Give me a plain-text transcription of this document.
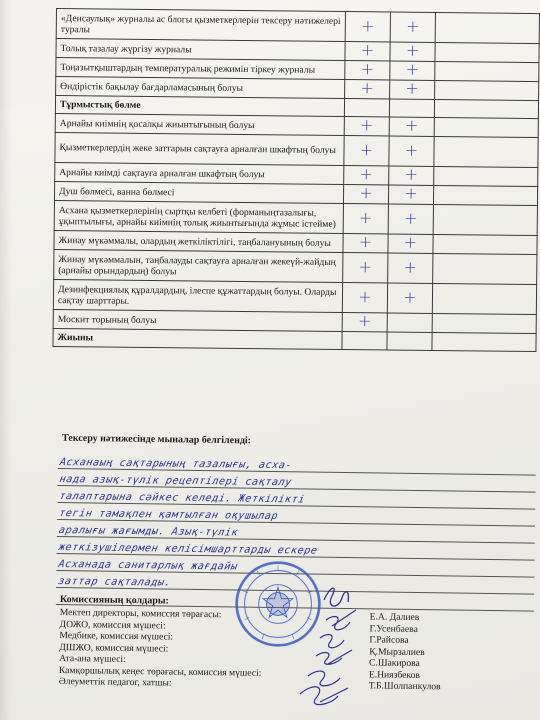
«Денсаулық» журналы ас блогы қызметкерлерін тексеру нәтижелері туралы	+	+	
Толық тазалау жүргізу журналы	+	+	
Тоңазытқыштардың температуралық режимін тіркеу журналы	+	+	
Өндірістік бақылау бағдарламасының болуы	+	+	
Тұрмыстық бөлме			
Арнайы киімнің қосалқы жиынтығының болуы	+	+	
Қызметкерлердің жеке заттарын сақтауға арналған шкафтың болуы	+	+	
Арнайы киімді сақтауға арналған шкафтың болуы	+	+	
Душ бөлмесі, ванна бөлмесі	+	+	
Асхана қызметкерлерінің сыртқы келбеті (форманыңтазалығы, ұқыптылығы, арнайы киімнің толық жиынтығында жұмыс істейме)	+	+	
Жинау мүкәммалы, олардың жеткіліктілігі, таңбалануының болуы	+	+	
Жинау мүкәммалын, таңбалауды сақтауға арналған жекеүй-жайдың (арнайы орындардың) болуы	+	+	
Дезинфекциялық құралдардың, ілеспе құжаттардың болуы. Оларды сақтау шарттары.	+	+	
Москит торының болуы	+		
Жиыны			
Тексеру нәтижесінде мыналар белгіленді:
Асханаың сақтарының тазалығы, асха-
нада азық-түлік рецептілері сақталу
талаптарына сәйкес келеді. Жеткілікті
тегін тамақпен қамтылған оқушылар
аралығы жағымды. Азық-түлік
жеткізушілермен келісімшарттарды ескере
Асханада санитарлық жағдайы
заттар сақталады.
Комиссияның қолдары:
Мектеп директоры, комиссия төрағасы:	Е.А. Далиев
ДОЖО, комиссия мүшесі:	Г.Усенбаева
Медбике, комиссия мүшесі:	Г.Райсова
ДШЖО, комиссия мүшесі:	Қ.Мырзалиев
Ата-ана мүшесі:	С.Шакирова
Камқоршылық кеңес төрағасы, комиссия мүшесі:	Е.Ниязбеков
Әлеуметтік педагог, хатшы:	Т.Б.Шолпанкулов
